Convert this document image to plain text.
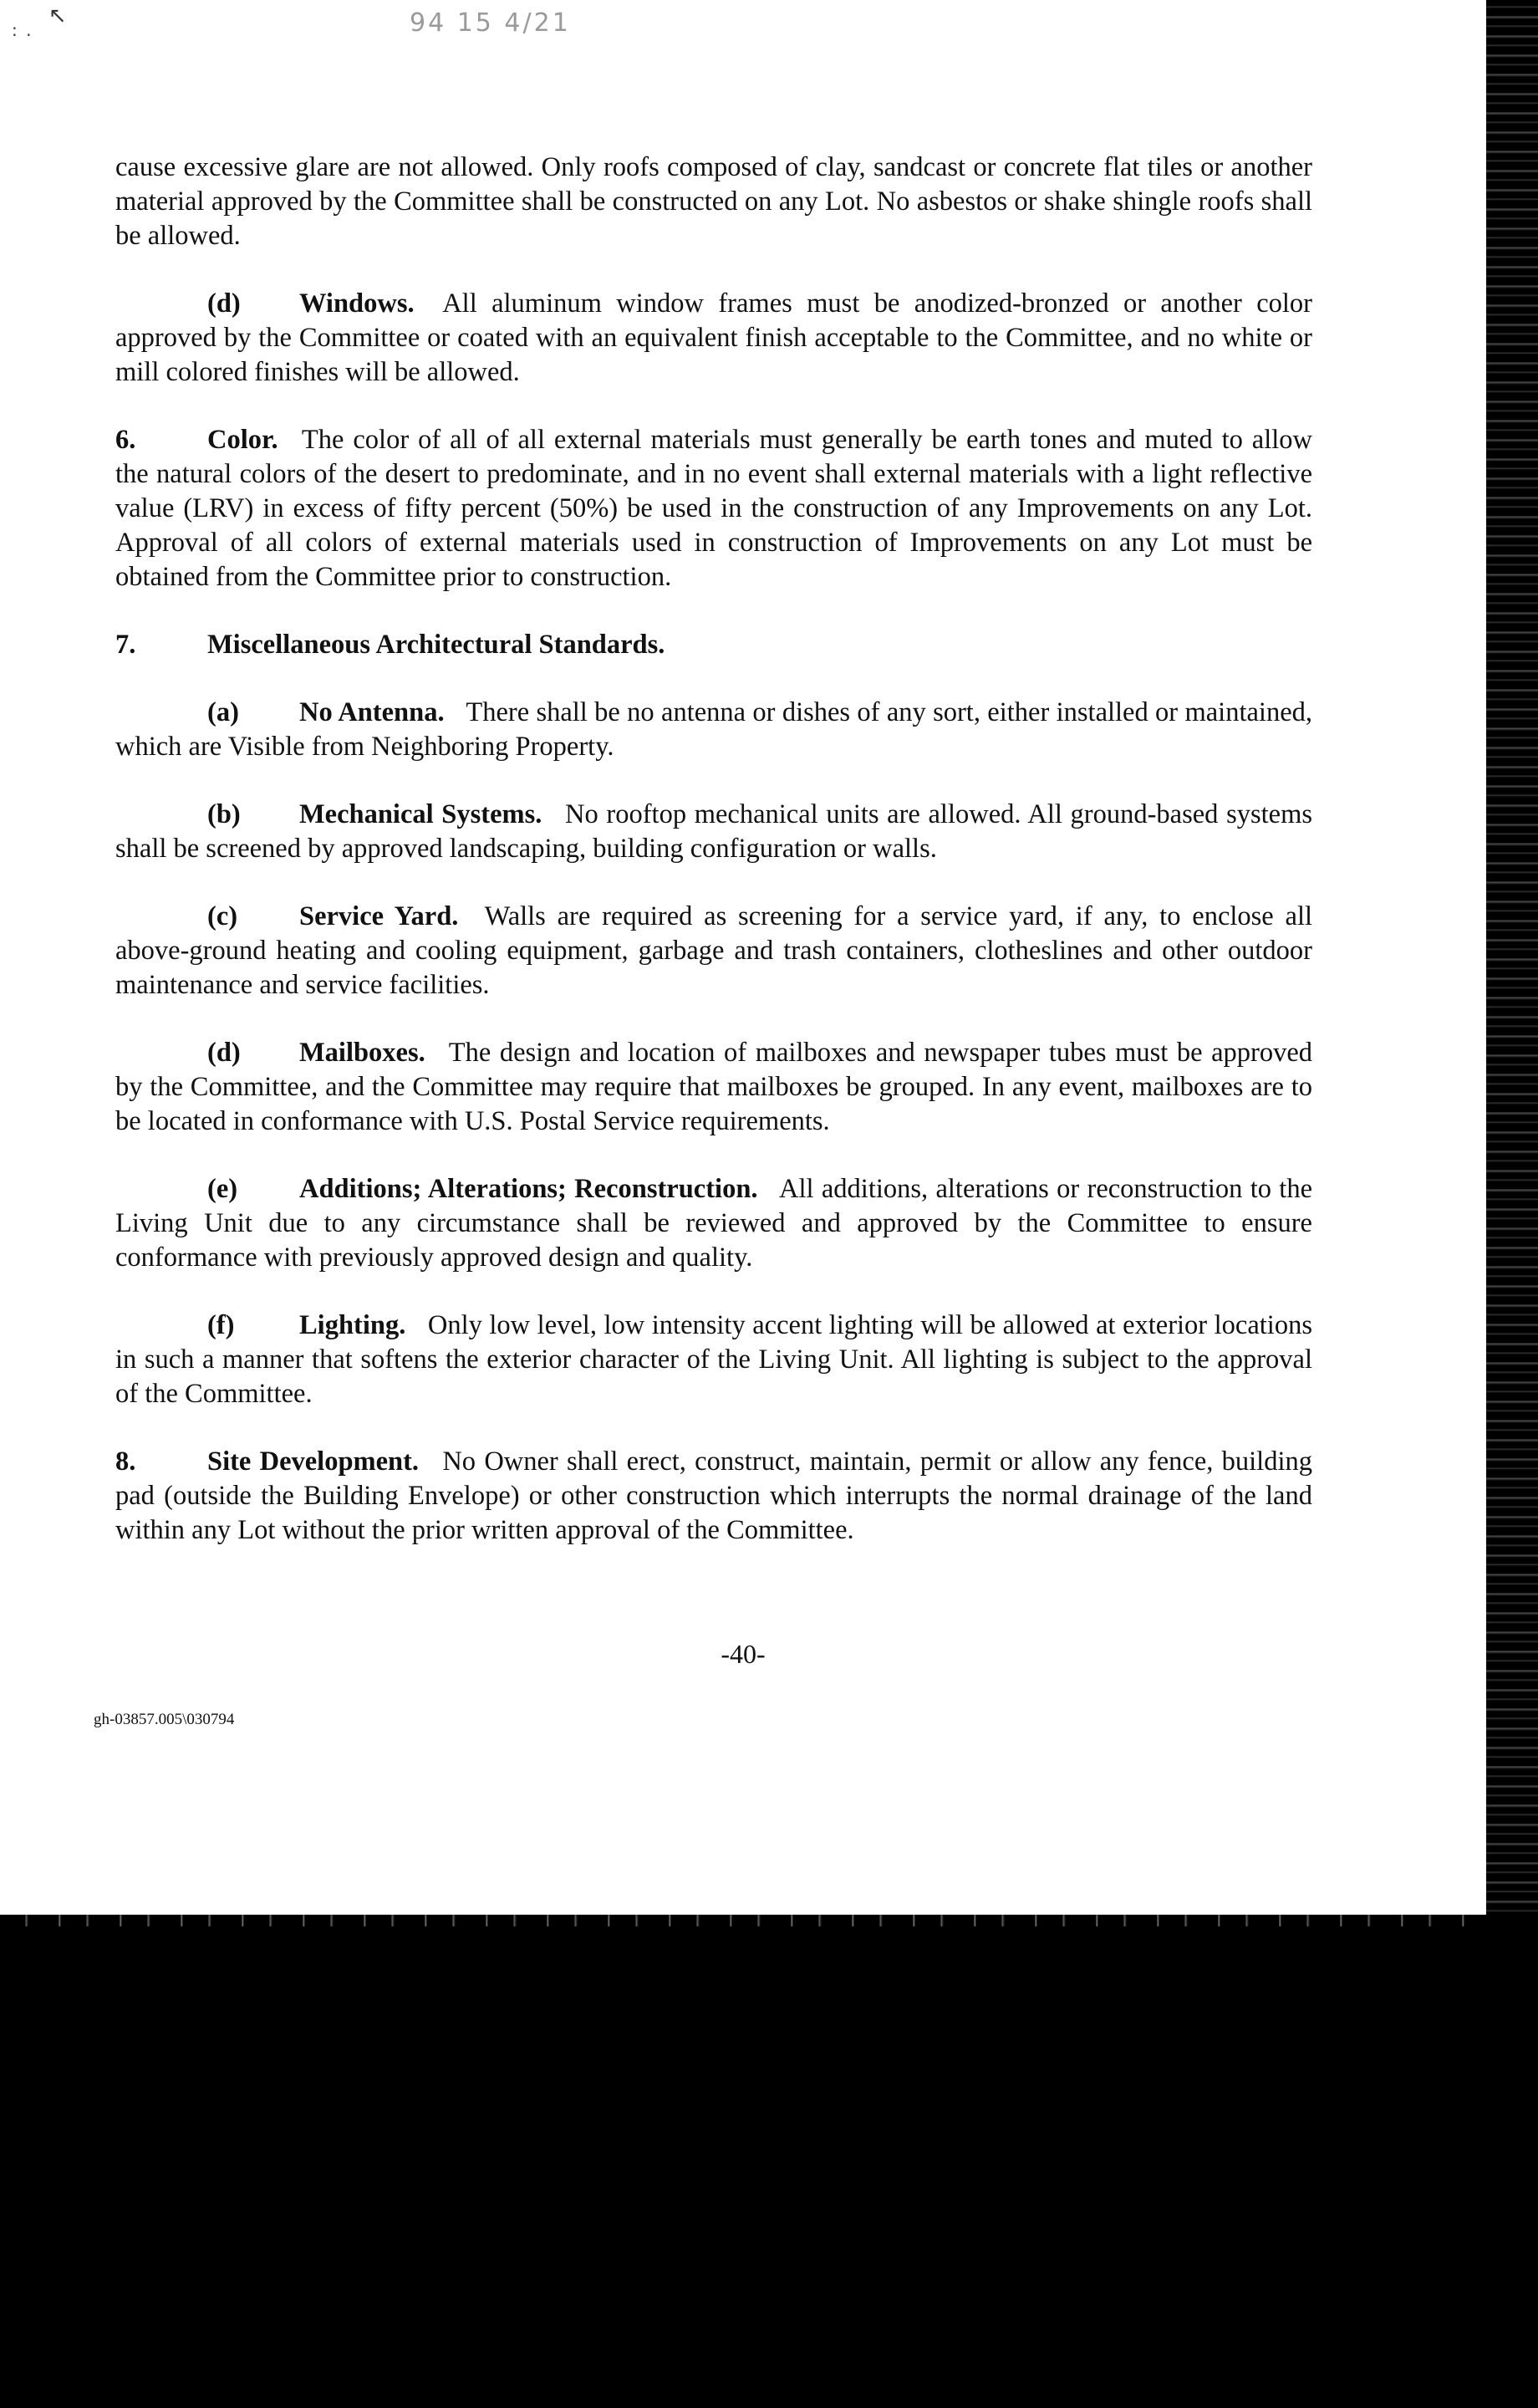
↖
: .	94 15 4/21

cause excessive glare are not allowed. Only roofs composed of clay, sandcast or concrete flat tiles or another material approved by the Committee shall be constructed on any Lot. No asbestos or shake shingle roofs shall be allowed.

(d) Windows. All aluminum window frames must be anodized-bronzed or another color approved by the Committee or coated with an equivalent finish acceptable to the Committee, and no white or mill colored finishes will be allowed.

6.	Color. The color of all of all external materials must generally be earth tones and muted to allow the natural colors of the desert to predominate, and in no event shall external materials with a light reflective value (LRV) in excess of fifty percent (50%) be used in the construction of any Improvements on any Lot. Approval of all colors of external materials used in construction of Improvements on any Lot must be obtained from the Committee prior to construction.

7.	Miscellaneous Architectural Standards.

(a) No Antenna. There shall be no antenna or dishes of any sort, either installed or maintained, which are Visible from Neighboring Property.

(b) Mechanical Systems. No rooftop mechanical units are allowed. All ground-based systems shall be screened by approved landscaping, building configuration or walls.

(c) Service Yard. Walls are required as screening for a service yard, if any, to enclose all above-ground heating and cooling equipment, garbage and trash containers, clotheslines and other outdoor maintenance and service facilities.

(d) Mailboxes. The design and location of mailboxes and newspaper tubes must be approved by the Committee, and the Committee may require that mailboxes be grouped. In any event, mailboxes are to be located in conformance with U.S. Postal Service requirements.

(e) Additions; Alterations; Reconstruction. All additions, alterations or reconstruction to the Living Unit due to any circumstance shall be reviewed and approved by the Committee to ensure conformance with previously approved design and quality.

(f) Lighting. Only low level, low intensity accent lighting will be allowed at exterior locations in such a manner that softens the exterior character of the Living Unit. All lighting is subject to the approval of the Committee.

8.	Site Development. No Owner shall erect, construct, maintain, permit or allow any fence, building pad (outside the Building Envelope) or other construction which interrupts the normal drainage of the land within any Lot without the prior written approval of the Committee.

-40-
gh-03857.005\030794
